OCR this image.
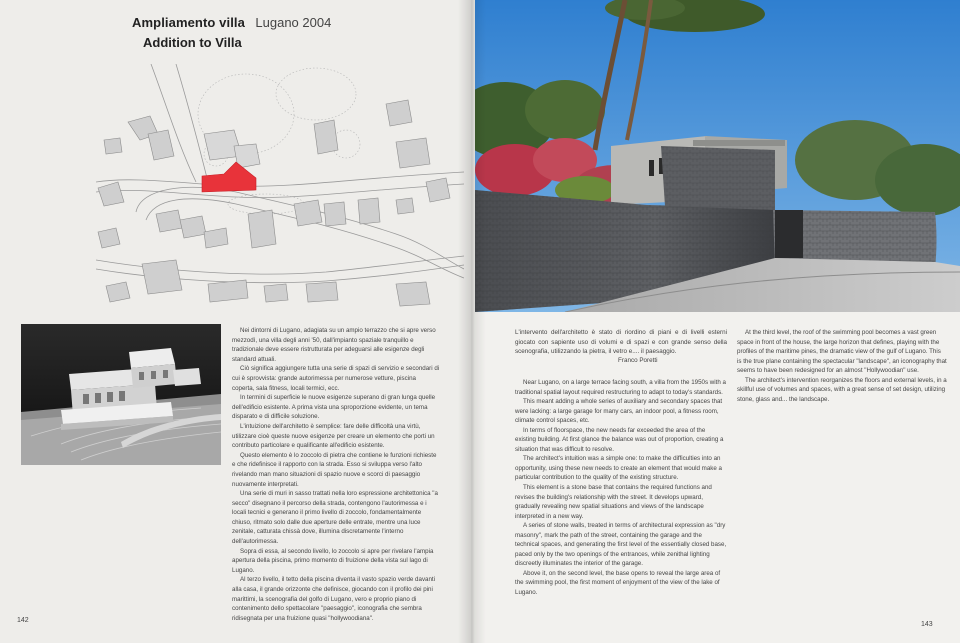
Ampliamento villa Lugano 2004
Addition to Villa

Nei dintorni di Lugano, adagiata su un ampio terrazzo che si apre verso mezzodì, una villa degli anni '50, dall'impianto spaziale tranquillo e tradizionale deve essere ristrutturata per adeguarsi alle esigenze degli standard attuali.

Ciò significa aggiungere tutta una serie di spazi di servizio e secondari di cui è sprovvista: grande autorimessa per numerose vetture, piscina coperta, sala fitness, locali termici, ecc.

In termini di superficie le nuove esigenze superano di gran lunga quelle dell'edificio esistente. A prima vista una sproporzione evidente, un tema disparato e di difficile soluzione.

L'intuizione dell'architetto è semplice: fare delle difficoltà una virtù, utilizzare cioè queste nuove esigenze per creare un elemento che porti un contributo particolare e qualificante all'edificio esistente.

Questo elemento è lo zoccolo di pietra che contiene le funzioni richieste e che ridefinisce il rapporto con la strada. Esso si sviluppa verso l'alto rivelando man mano situazioni di spazio nuove e scorci di paesaggio nuovamente interpretati.

Una serie di muri in sasso trattati nella loro espressione architettonica "a secco" disegnano il percorso della strada, contengono l'autorimessa e i locali tecnici e generano il primo livello di zoccolo, fondamentalmente chiuso, ritmato solo dalle due aperture delle entrate, mentre una luce zenitale, catturata chissà dove, illumina discretamente l'interno dell'autorimessa.

Sopra di essa, al secondo livello, lo zoccolo si apre per rivelare l'ampia apertura della piscina, primo momento di fruizione della vista sul lago di Lugano.

Al terzo livello, il tetto della piscina diventa il vasto spazio verde davanti alla casa, il grande orizzonte che definisce, giocando con il profilo dei pini marittimi, la scenografia del golfo di Lugano, vero e proprio piano di contenimento dello spettacolare "paesaggio", iconografia che sembra ridisegnata per una fruizione quasi "hollywoodiana".

142
L'intervento dell'architetto è stato di riordino di piani e di livelli esterni giocato con sapiente uso di volumi e di spazi e con grande senso della scenografia, utilizzando la pietra, il vetro e.... il paesaggio.
Franco Poretti

Near Lugano, on a large terrace facing south, a villa from the 1950s with a traditional spatial layout required restructuring to adapt to today's standards.

This meant adding a whole series of auxiliary and secondary spaces that were lacking: a large garage for many cars, an indoor pool, a fitness room, climate control spaces, etc.

In terms of floorspace, the new needs far exceeded the area of the existing building. At first glance the balance was out of proportion, creating a situation that was difficult to resolve.

The architect's intuition was a simple one: to make the difficulties into an opportunity, using these new needs to create an element that would make a particular contribution to the quality of the existing structure.

This element is a stone base that contains the required functions and revises the building's relationship with the street. It develops upward, gradually revealing new spatial situations and views of the landscape interpreted in a new way.

A series of stone walls, treated in terms of architectural expression as "dry masonry", mark the path of the street, containing the garage and the technical spaces, and generating the first level of the essentially closed base, paced only by the two openings of the entrances, while zenithal lighting discreetly illuminates the interior of the garage.

Above it, on the second level, the base opens to reveal the large area of the swimming pool, the first moment of enjoyment of the view of the lake of Lugano.

At the third level, the roof of the swimming pool becomes a vast green space in front of the house, the large horizon that defines, playing with the profiles of the maritime pines, the dramatic view of the gulf of Lugano. This is the true plane containing the spectacular "landscape", an iconography that seems to have been redesigned for an almost "Hollywoodian" use.

The architect's intervention reorganizes the floors and external levels, in a skillful use of volumes and spaces, with a great sense of set design, utilizing stone, glass and... the landscape.

143
